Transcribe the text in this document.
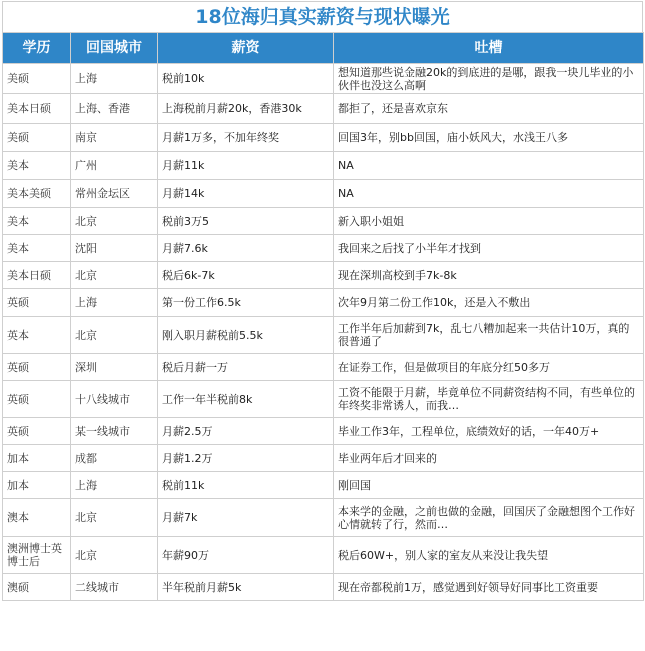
18位海归真实薪资与现状曝光
学历	回国城市	薪资	吐槽
美硕	上海	税前10k	想知道那些说金融20k的到底进的是哪，跟我一块儿毕业的小伙伴也没这么高啊
美本日硕	上海、香港	上海税前月薪20k，香港30k	都拒了，还是喜欢京东
美硕	南京	月薪1万多，不加年终奖	回国3年，别bb回国，庙小妖风大，水浅王八多
美本	广州	月薪11k	NA
美本美硕	常州金坛区	月薪14k	NA
美本	北京	税前3万5	新入职小姐姐
美本	沈阳	月薪7.6k	我回来之后找了小半年才找到
美本日硕	北京	税后6k-7k	现在深圳高校到手7k-8k
英硕	上海	第一份工作6.5k	次年9月第二份工作10k，还是入不敷出
英本	北京	刚入职月薪税前5.5k	工作半年后加薪到7k，乱七八糟加起来一共估计10万，真的很普通了
英硕	深圳	税后月薪一万	在证券工作，但是做项目的年底分红50多万
英硕	十八线城市	工作一年半税前8k	工资不能限于月薪，毕竟单位不同薪资结构不同，有些单位的年终奖非常诱人，而我…
英硕	某一线城市	月薪2.5万	毕业工作3年，工程单位，底绩效好的话，一年40万+
加本	成都	月薪1.2万	毕业两年后才回来的
加本	上海	税前11k	刚回国
澳本	北京	月薪7k	本来学的金融，之前也做的金融，回国厌了金融想图个工作好心情就转了行，然而…
澳洲博士英博士后	北京	年薪90万	税后60W+，别人家的室友从来没让我失望
澳硕	二线城市	半年税前月薪5k	现在帝都税前1万，感觉遇到好领导好同事比工资重要
